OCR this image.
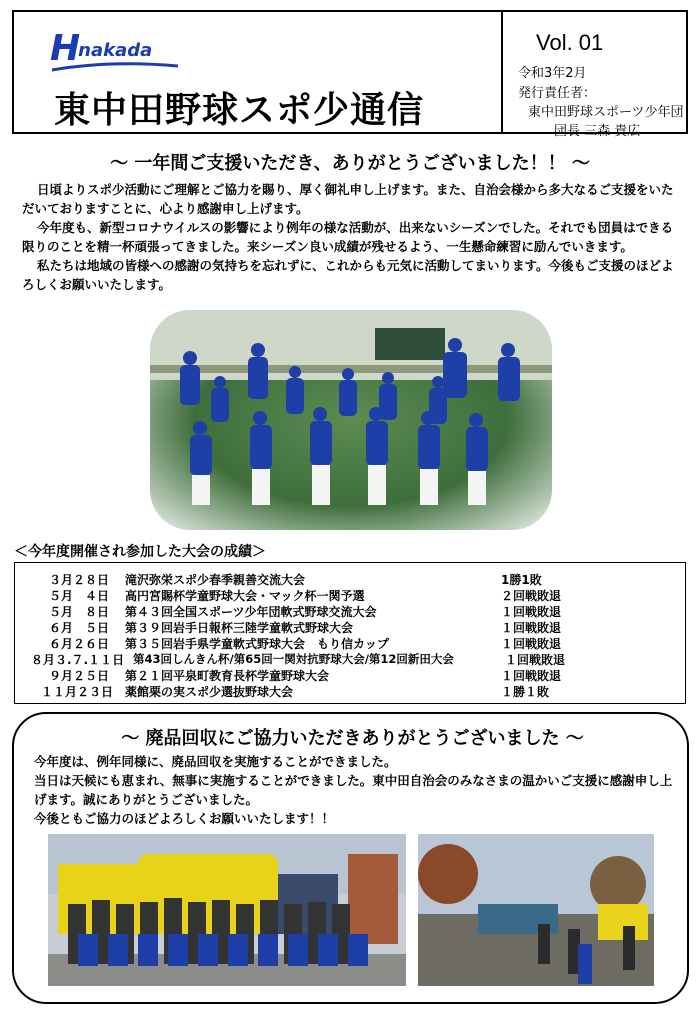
Hnakada
東中田野球スポ少通信
Vol. 01
令和3年2月
発行責任者：
東中田野球スポーツ少年団
団長 三森 貴広
～ 一年間ご支援いただき、ありがとうございました！！ ～

日頃よりスポ少活動にご理解とご協力を賜り、厚く御礼申し上げます。また、自治会様から多大なるご支援をいただいておりますことに、心より感謝申し上げます。

今年度も、新型コロナウイルスの影響により例年の様な活動が、出来ないシーズンでした。それでも団員はできる限りのことを精一杯頑張ってきました。来シーズン良い成績が残せるよう、一生懸命練習に励んでいきます。

私たちは地域の皆様への感謝の気持ちを忘れずに、これからも元気に活動してまいります。今後もご支援のほどよろしくお願いいたします。

＜今年度開催され参加した大会の成績＞
３月２８日 滝沢弥栄スポ少春季親善交流大会	1勝1敗
５月　４日 高円宮賜杯学童野球大会・マック杯一関予選	２回戦敗退
５月　８日 第４３回全国スポーツ少年団軟式野球交流大会	１回戦敗退
６月　５日 第３９回岩手日報杯三陸学童軟式野球大会	１回戦敗退
６月２６日 第３５回岩手県学童軟式野球大会　もり信カップ	１回戦敗退
８月３.７.１１日 第43回しんきん杯/第65回一関対抗野球大会/第12回新田大会	１回戦敗退
９月２５日 第２１回平泉町教育長杯学童野球大会	１回戦敗退
１１月２３日 薬館栗の実スポ少選抜野球大会	１勝１敗
～ 廃品回収にご協力いただきありがとうございました ～
今年度は、例年同様に、廃品回収を実施することができました。
当日は天候にも恵まれ、無事に実施することができました。東中田自治会のみなさまの温かいご支援に感謝申し上げます。誠にありがとうございました。
今後ともご協力のほどよろしくお願いいたします！！
